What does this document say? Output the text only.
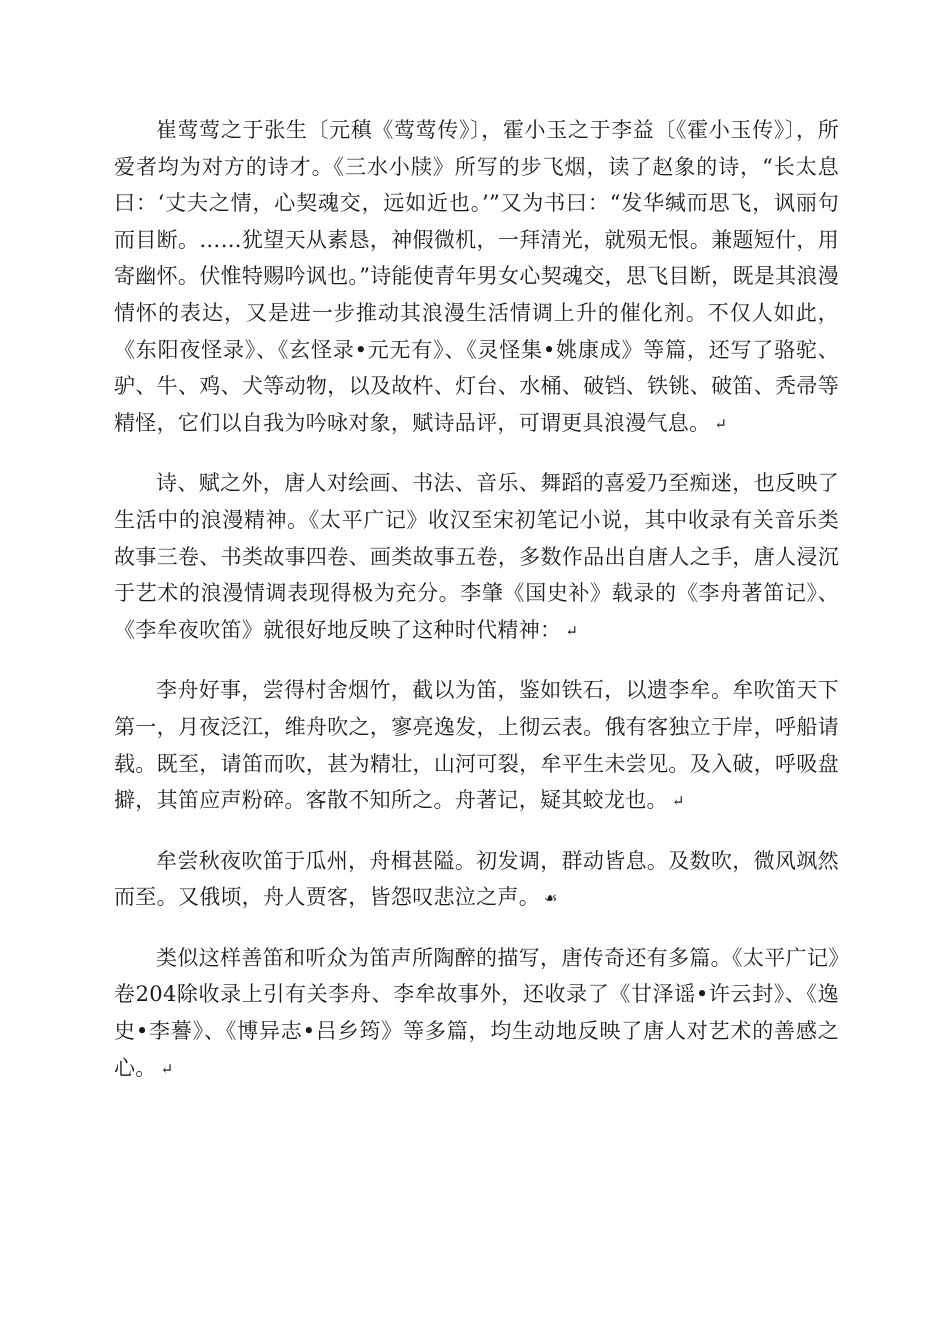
崔莺莺之于张生〔元稹《莺莺传》〕，霍小玉之于李益〔《霍小玉传》〕，所爱者均为对方的诗才。《三水小牍》所写的步飞烟，读了赵象的诗，“长太息曰：‘丈夫之情，心契魂交，远如近也。’”又为书曰：“发华缄而思飞，讽丽句而目断。……犹望天从素恳，神假微机，一拜清光，就殒无恨。兼题短什，用寄幽怀。伏惟特赐吟讽也。”诗能使青年男女心契魂交，思飞目断，既是其浪漫情怀的表达，又是进一步推动其浪漫生活情调上升的催化剂。不仅人如此，《东阳夜怪录》、《玄怪录•元无有》、《灵怪集•姚康成》等篇，还写了骆驼、驴、牛、鸡、犬等动物，以及故杵、灯台、水桶、破铛、铁铫、破笛、秃帚等精怪，它们以自我为吟咏对象，赋诗品评，可谓更具浪漫气息。 ↵

诗、赋之外，唐人对绘画、书法、音乐、舞蹈的喜爱乃至痴迷，也反映了生活中的浪漫精神。《太平广记》收汉至宋初笔记小说，其中收录有关音乐类故事三卷、书类故事四卷、画类故事五卷，多数作品出自唐人之手，唐人浸沉于艺术的浪漫情调表现得极为充分。李肇《国史补》载录的《李舟著笛记》、《李牟夜吹笛》就很好地反映了这种时代精神： ↵

李舟好事，尝得村舍烟竹，截以为笛，鉴如铁石，以遗李牟。牟吹笛天下第一，月夜泛江，维舟吹之，寥亮逸发，上彻云表。俄有客独立于岸，呼船请载。既至，请笛而吹，甚为精壮，山河可裂，牟平生未尝见。及入破，呼吸盘擗，其笛应声粉碎。客散不知所之。舟著记，疑其蛟龙也。 ↵

牟尝秋夜吹笛于瓜州，舟楫甚隘。初发调，群动皆息。及数吹，微风飒然而至。又俄顷，舟人贾客，皆怨叹悲泣之声。 ☙

类似这样善笛和听众为笛声所陶醉的描写，唐传奇还有多篇。《太平广记》卷204除收录上引有关李舟、李牟故事外，还收录了《甘泽谣•许云封》、《逸史•李謩》、《博异志•吕乡筠》等多篇，均生动地反映了唐人对艺术的善感之心。 ↵
